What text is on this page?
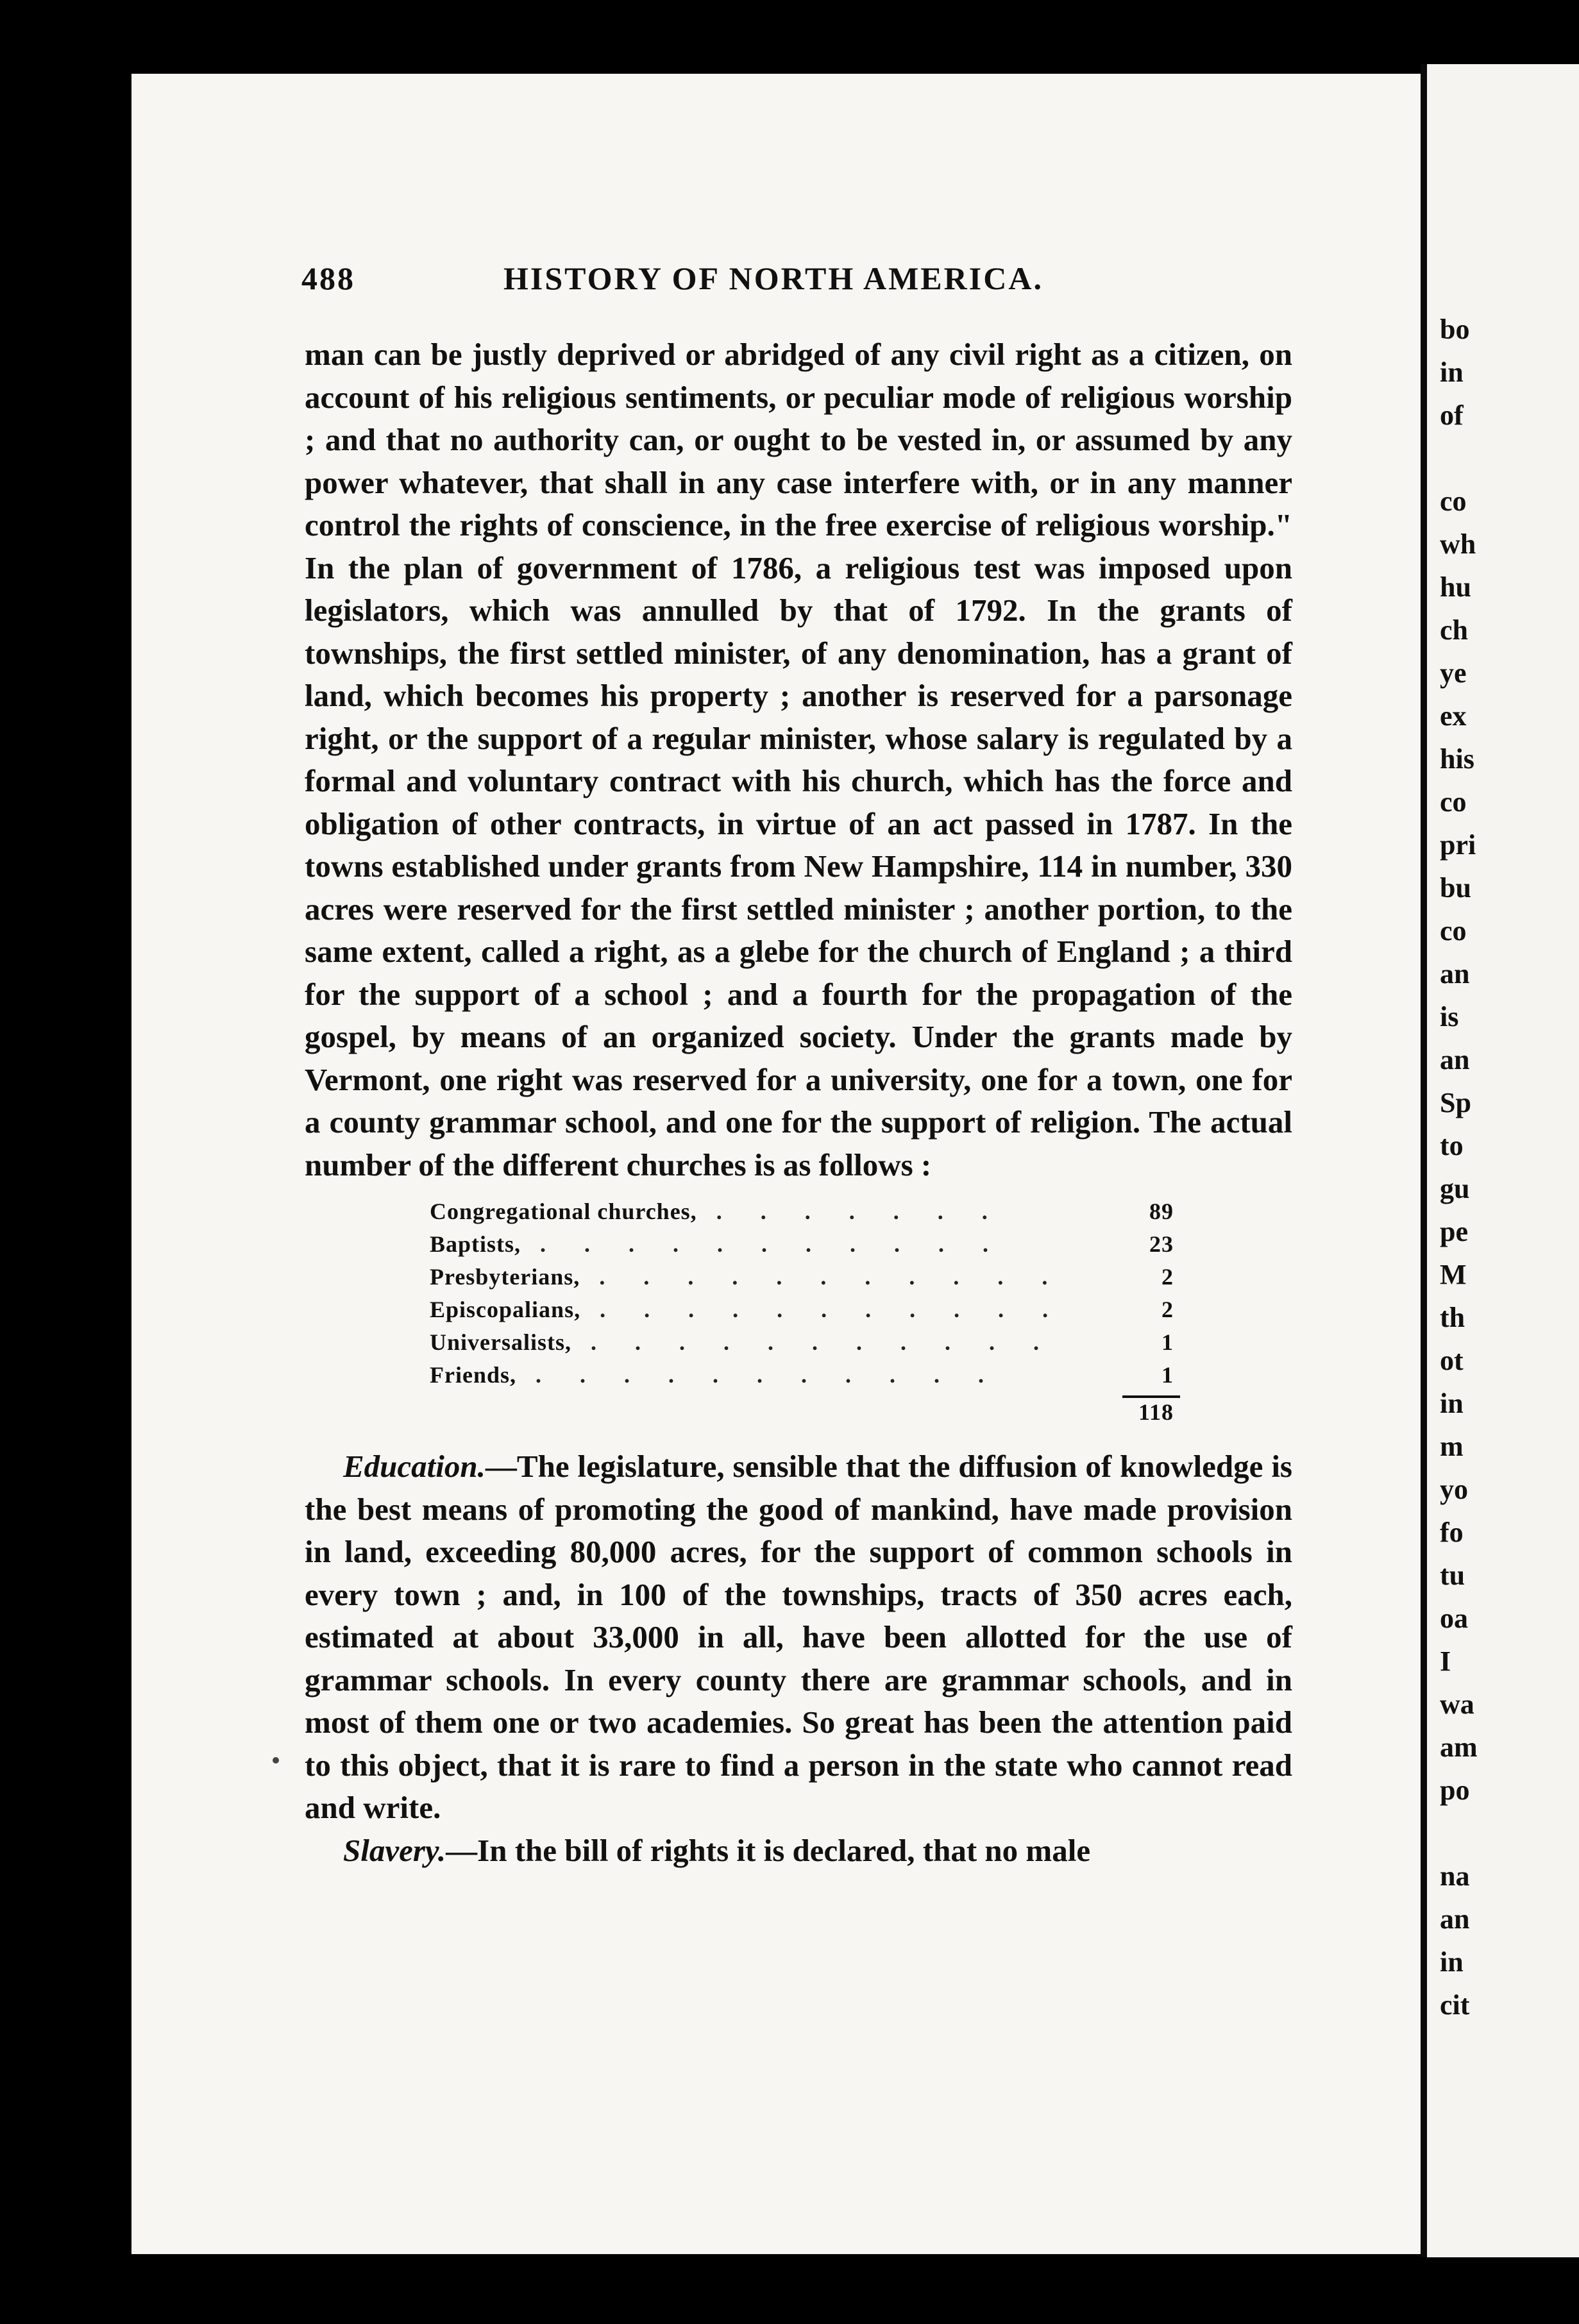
488	HISTORY OF NORTH AMERICA.

man can be justly deprived or abridged of any civil right as a citizen, on account of his religious sentiments, or peculiar mode of religious worship ; and that no authority can, or ought to be vested in, or assumed by any power whatever, that shall in any case interfere with, or in any manner control the rights of conscience, in the free exercise of religious worship." In the plan of government of 1786, a religious test was imposed upon legislators, which was annulled by that of 1792. In the grants of townships, the first settled minister, of any denomination, has a grant of land, which becomes his property ; another is reserved for a parsonage right, or the support of a regular minister, whose salary is regulated by a formal and voluntary contract with his church, which has the force and obligation of other contracts, in virtue of an act passed in 1787. In the towns established under grants from New Hampshire, 114 in number, 330 acres were reserved for the first settled minister ; another portion, to the same extent, called a right, as a glebe for the church of England ; a third for the support of a school ; and a fourth for the propagation of the gospel, by means of an organized society. Under the grants made by Vermont, one right was reserved for a university, one for a town, one for a county grammar school, and one for the support of religion. The actual number of the different churches is as follows :

Congregational churches, .......	89
Baptists, ...........	23
Presbyterians, ...........	2
Episcopalians, ...........	2
Universalists, ...........	1
Friends, ...........	1
118

Education.—The legislature, sensible that the diffusion of knowledge is the best means of promoting the good of mankind, have made provision in land, exceeding 80,000 acres, for the support of common schools in every town ; and, in 100 of the townships, tracts of 350 acres each, estimated at about 33,000 in all, have been allotted for the use of grammar schools. In every county there are grammar schools, and in most of them one or two academies. So great has been the attention paid to this object, that it is rare to find a person in the state who cannot read and write.

Slavery.—In the bill of rights it is declared, that no male

bo
in
of
co
wh
hu
ch
ye
ex
his
co
pri
bu
co
an
is
an
Sp
to
gu
pe
M
th
ot
in
m
yo
fo
tu
oa
I
wa
am
po
na
an
in
cit
